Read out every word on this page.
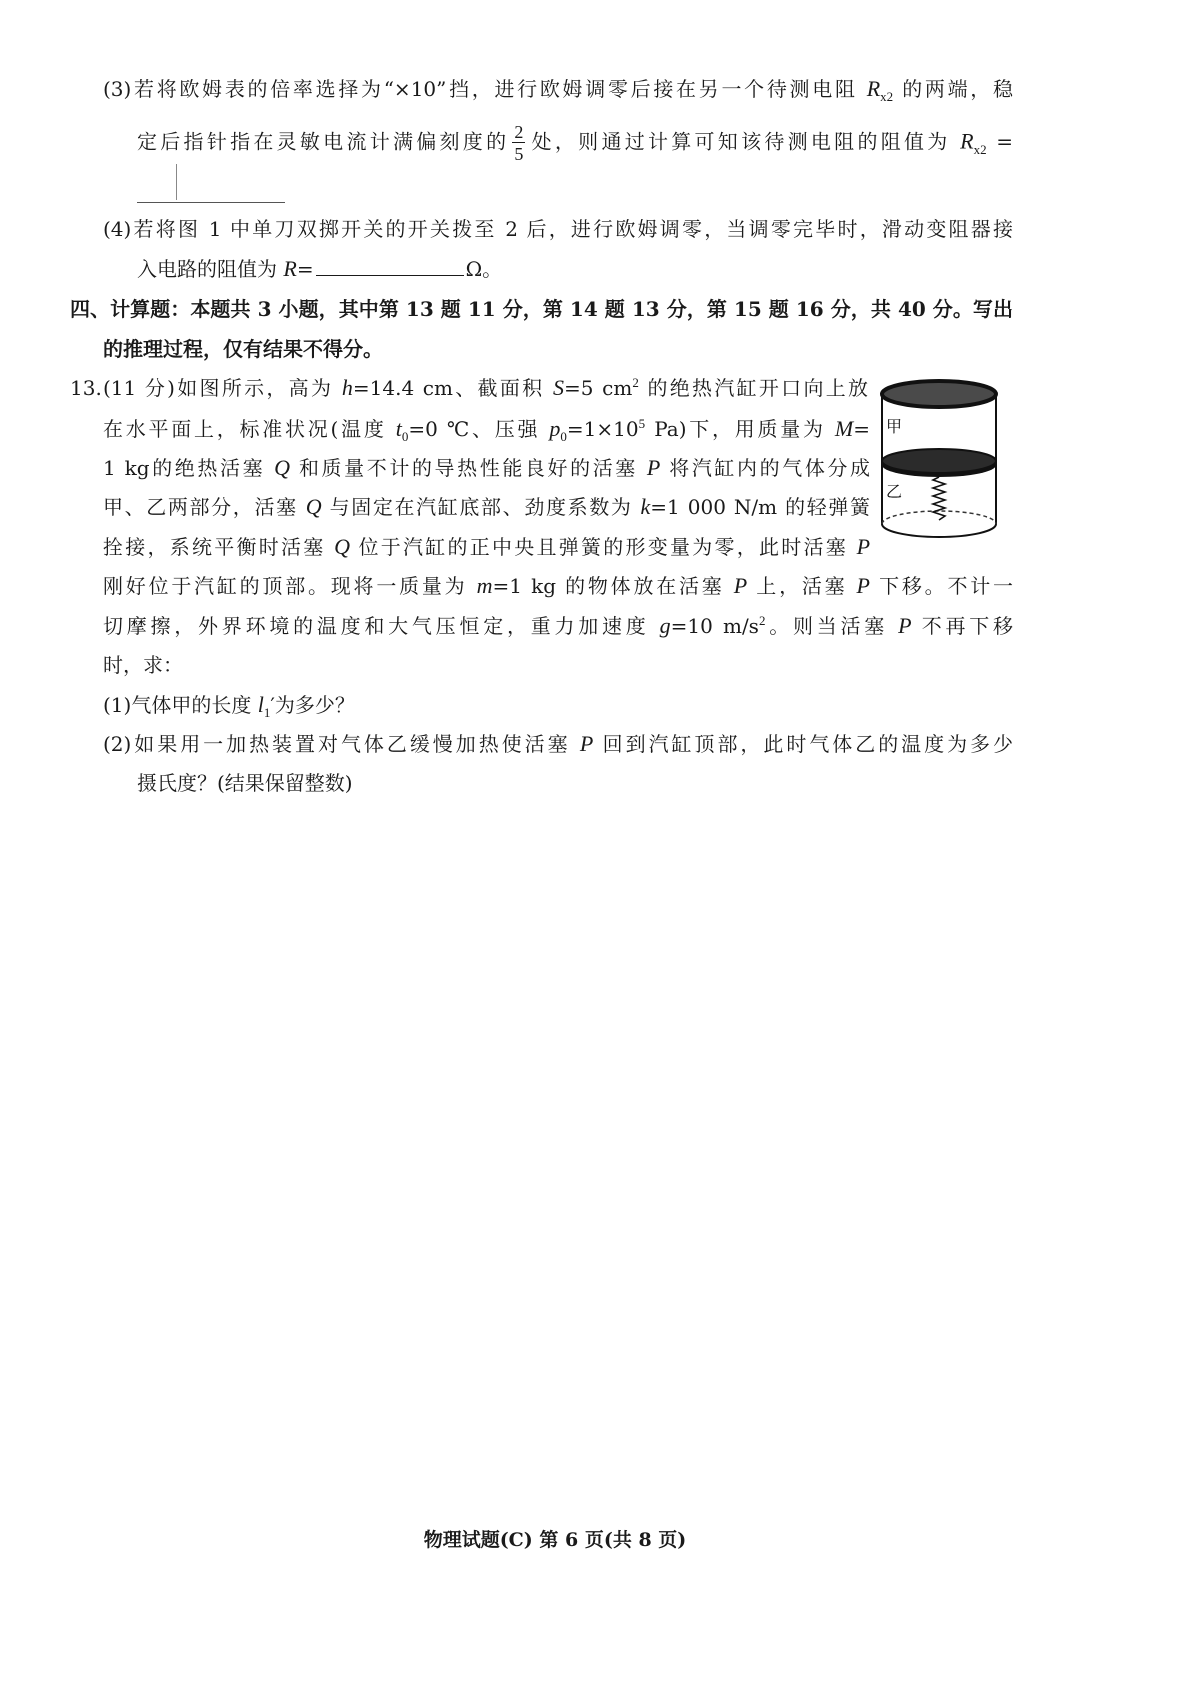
(3)若将欧姆表的倍率选择为“×10”挡，进行欧姆调零后接在另一个待测电阻 $R_{x2}$ 的两端，稳
定后指针指在灵敏电流计满偏刻度的 $\frac{2}{5}$ 处，则通过计算可知该待测电阻的阻值为 $R_{x2}$ =
(4)若将图 1 中单刀双掷开关的开关拨至 2 后，进行欧姆调零，当调零完毕时，滑动变阻器接
入电路的阻值为 R=	Ω。
四、计算题：本题共 3 小题，其中第 13 题 11 分，第 14 题 13 分，第 15 题 16 分，共 40 分。写出
的推理过程，仅有结果不得分。
13. (11 分)如图所示，高为 h=14.4 cm、截面积 S=5 $cm^2$ 的绝热汽缸开口向上放
在水平面上，标准状况(温度 $t_0=0$ ℃、压强 $p_0=1\times 10^5$ Pa)下，用质量为 M=
1 kg的绝热活塞 Q 和质量不计的导热性能良好的活塞 P 将汽缸内的气体分成
甲、乙两部分，活塞 Q 与固定在汽缸底部、劲度系数为 k=1 000 N/m 的轻弹簧
拴接，系统平衡时活塞 Q 位于汽缸的正中央且弹簧的形变量为零，此时活塞 P
刚好位于汽缸的顶部。现将一质量为 m=1 kg 的物体放在活塞 P 上，活塞 P 下移。不计一
切摩擦，外界环境的温度和大气压恒定，重力加速度 g=10 $m/s^2$。则当活塞 P 不再下移
时，求：
(1)气体甲的长度 $l_1'$为多少？
(2)如果用一加热装置对气体乙缓慢加热使活塞 P 回到汽缸顶部，此时气体乙的温度为多少
摄氏度？(结果保留整数)
甲
乙
物理试题(C) 第 6 页(共 8 页)
